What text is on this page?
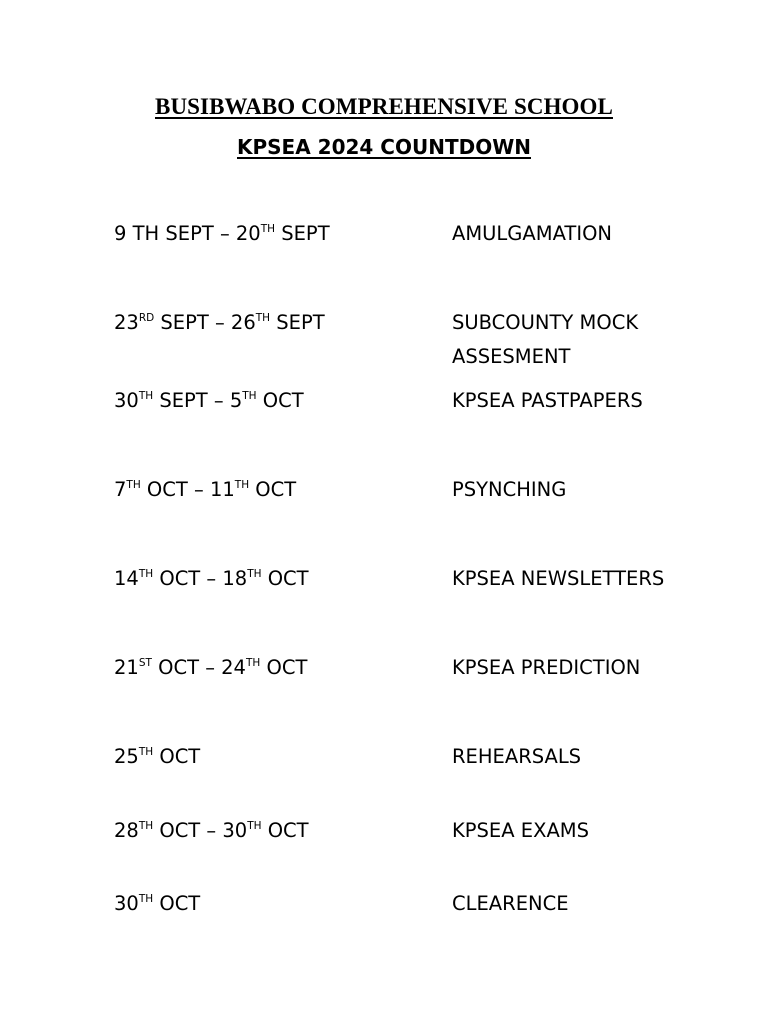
BUSIBWABO COMPREHENSIVE SCHOOL
KPSEA 2024 COUNTDOWN
9 TH SEPT – 20TH SEPT	AMULGAMATION
23RD SEPT – 26TH SEPT	SUBCOUNTY MOCK ASSESMENT
30TH SEPT – 5TH OCT	KPSEA PASTPAPERS
7TH OCT – 11TH OCT	PSYNCHING
14TH OCT – 18TH OCT	KPSEA NEWSLETTERS
21ST OCT – 24TH OCT	KPSEA PREDICTION
25TH OCT	REHEARSALS
28TH OCT – 30TH OCT	KPSEA EXAMS
30TH OCT	CLEARENCE
